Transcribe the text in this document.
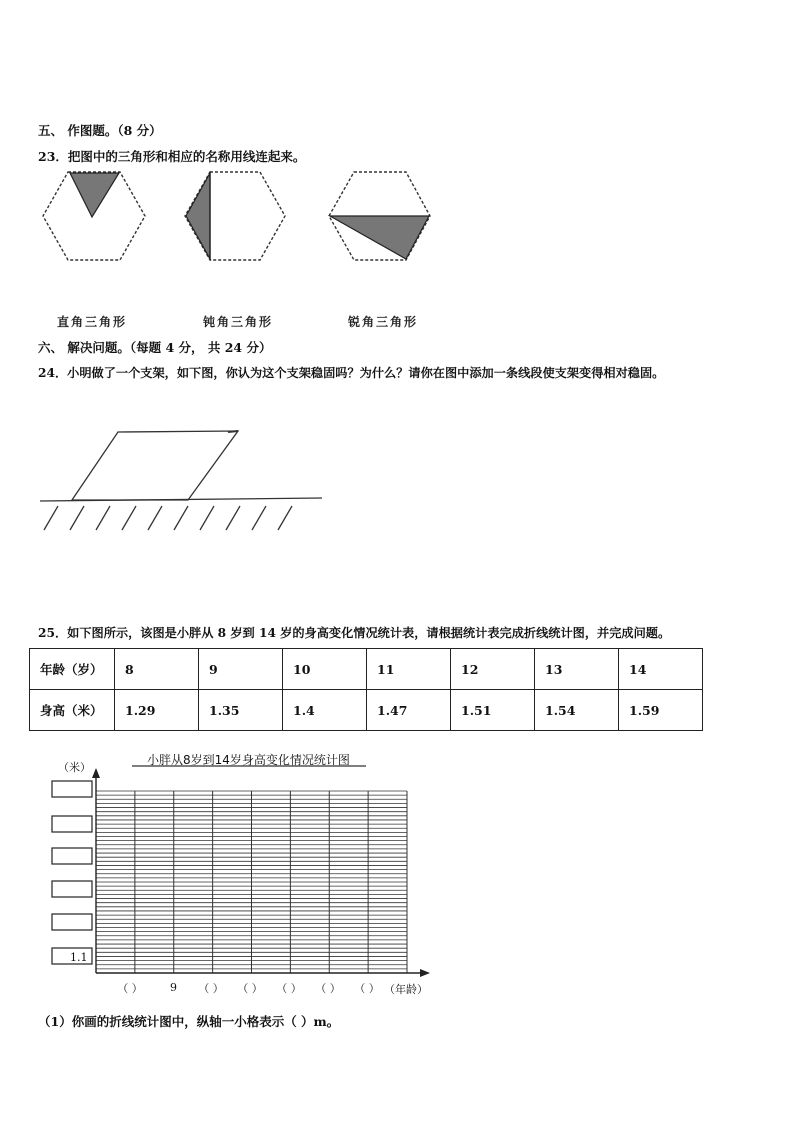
五、 作图题。（8 分）
23．把图中的三角形和相应的名称用线连起来。
直角三角形	钝角三角形	锐角三角形
六、 解决问题。（每题 4 分， 共 24 分）
24．小明做了一个支架，如下图，你认为这个支架稳固吗？为什么？请你在图中添加一条线段使支架变得相对稳固。
25．如下图所示，该图是小胖从 8 岁到 14 岁的身高变化情况统计表，请根据统计表完成折线统计图，并完成问题。
年龄（岁）	8	9	10	11	12	13	14
身高（米）	1.29	1.35	1.4	1.47	1.51	1.54	1.59
（ ）	（ ） （ ） （ ） （ ） （ ）
小胖从8岁到14岁身高变化情况统计图
（米）
1.1
9	（年龄）
（1）你画的折线统计图中，纵轴一小格表示（ ）m。
